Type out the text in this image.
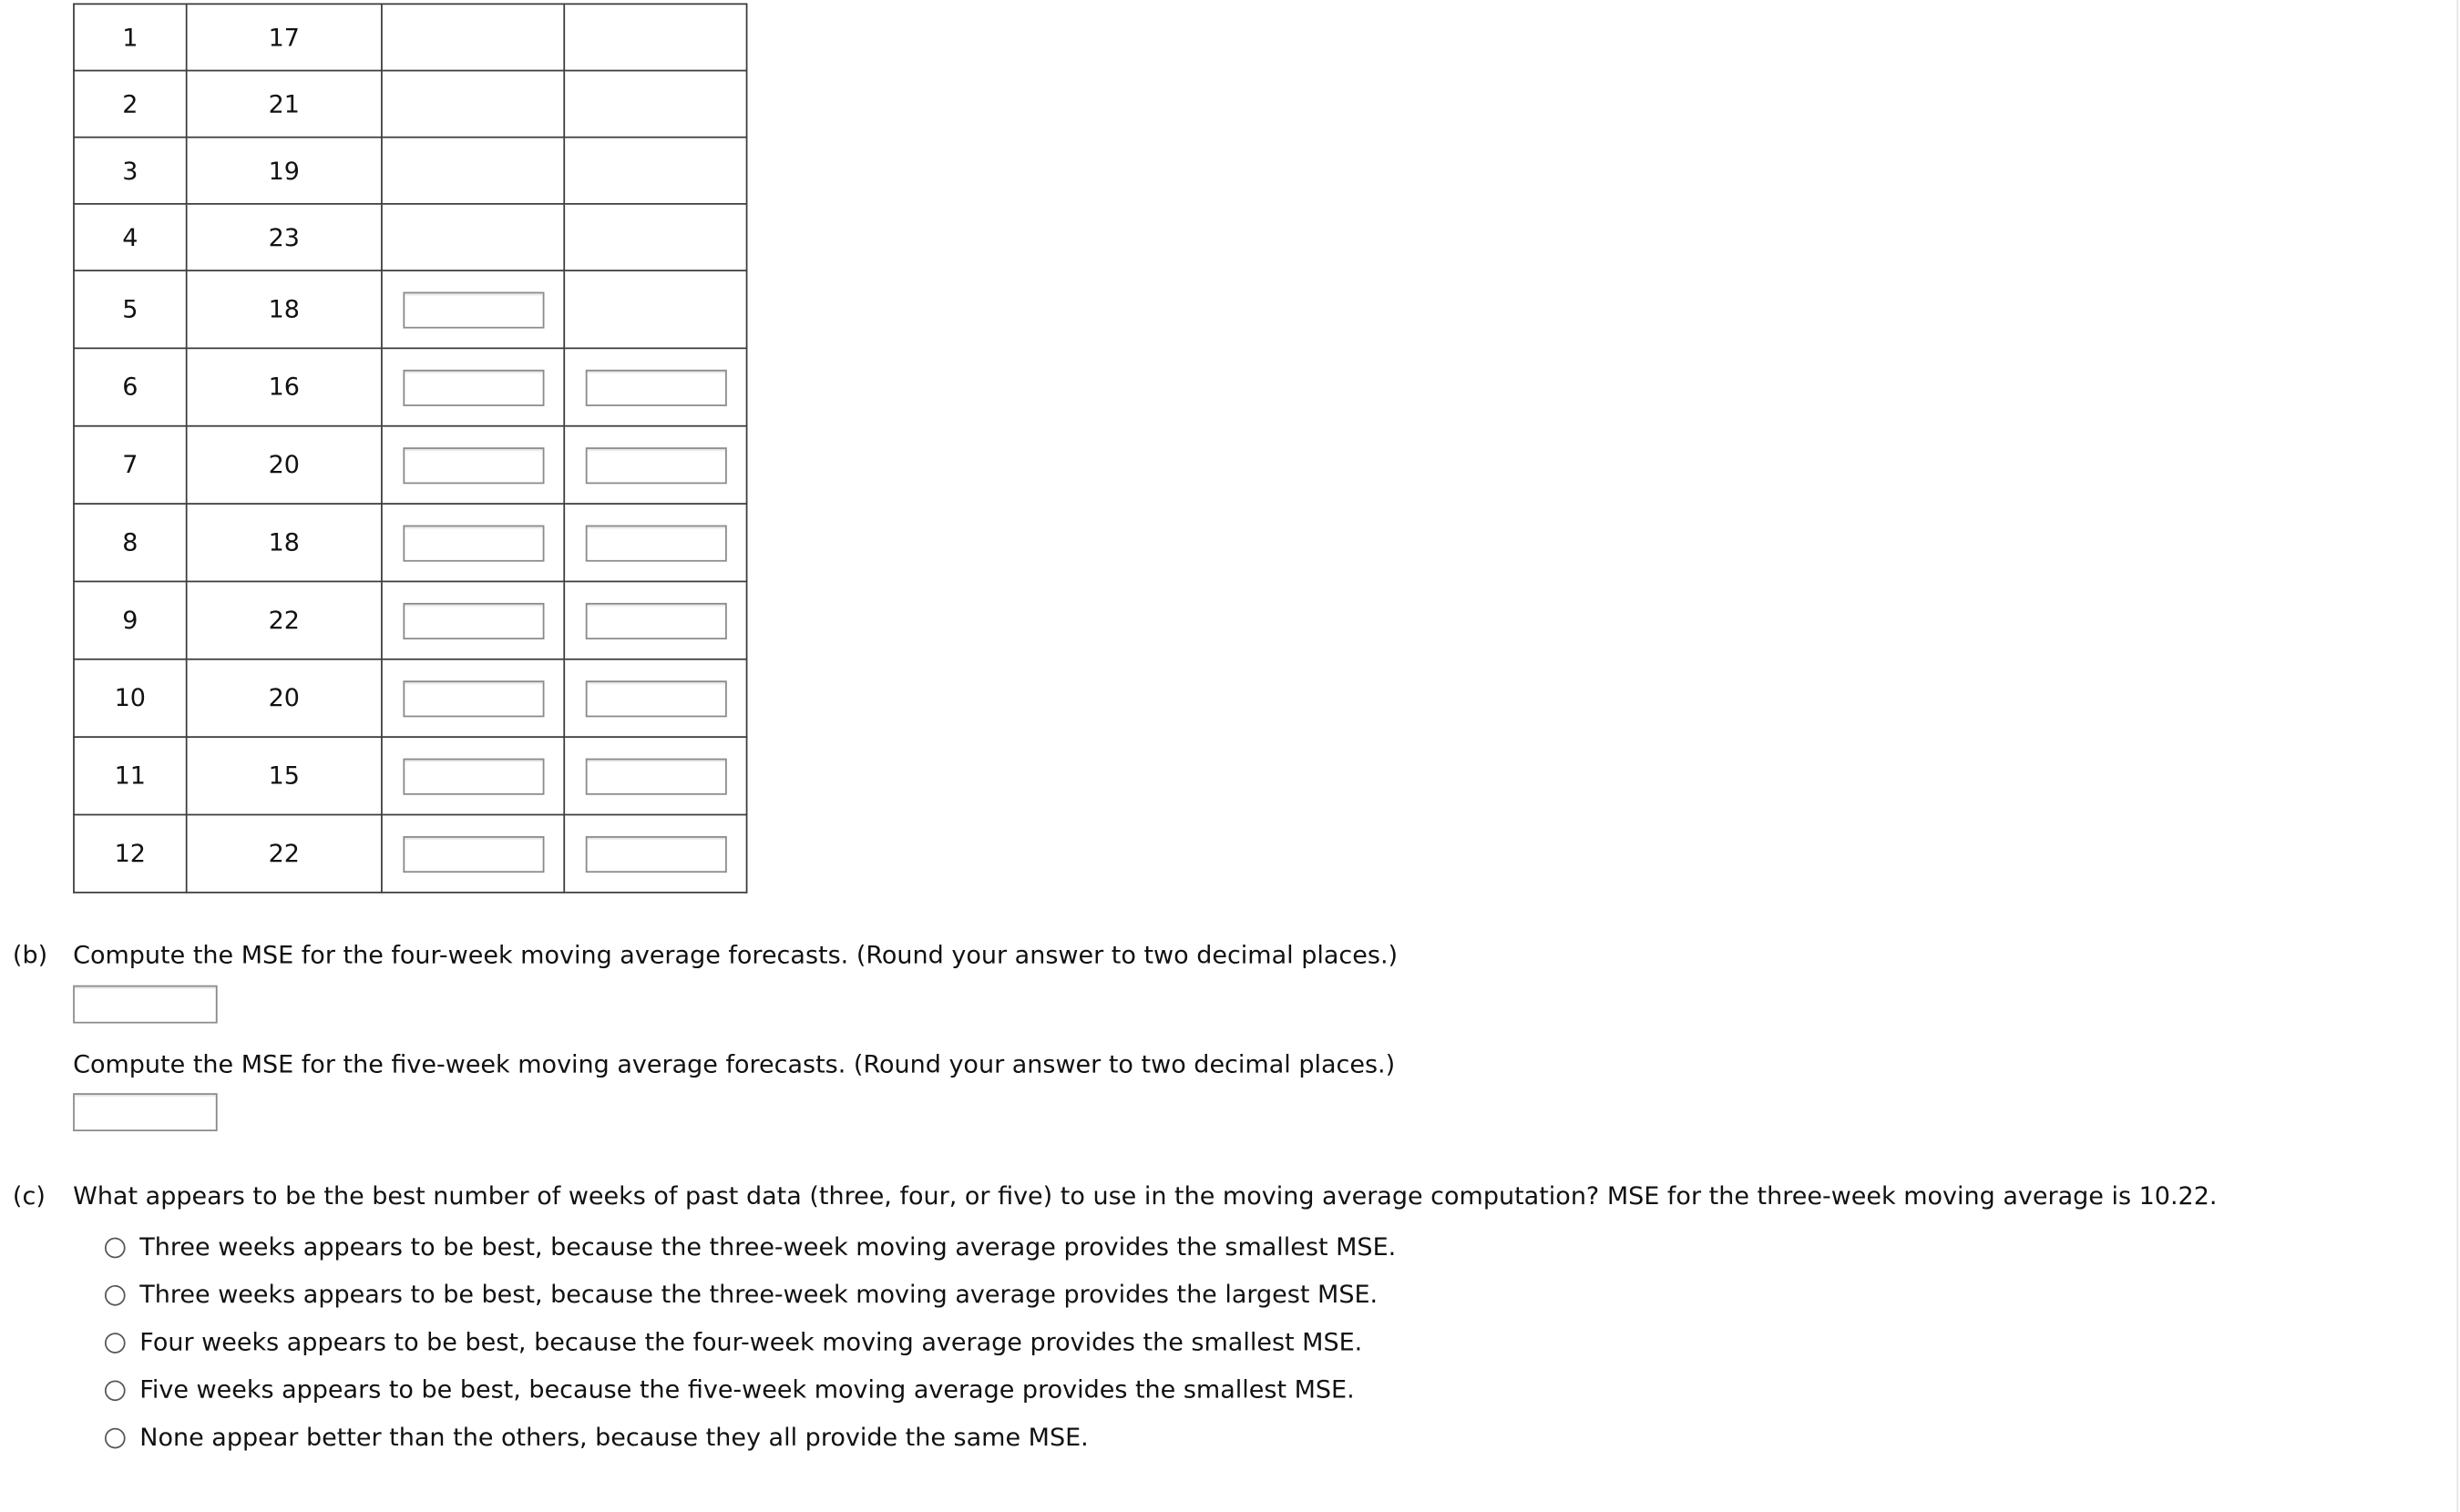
1	17		
2	21		
3	19		
4	23		
5	18		
6	16		
7	20		
8	18		
9	22		
10	20		
11	15		
12	22		
(b) Compute the MSE for the four-week moving average forecasts. (Round your answer to two decimal places.)
Compute the MSE for the five-week moving average forecasts. (Round your answer to two decimal places.)
(c) What appears to be the best number of weeks of past data (three, four, or five) to use in the moving average computation? MSE for the three-week moving average is 10.22.
Three weeks appears to be best, because the three-week moving average provides the smallest MSE.
Three weeks appears to be best, because the three-week moving average provides the largest MSE.
Four weeks appears to be best, because the four-week moving average provides the smallest MSE.
Five weeks appears to be best, because the five-week moving average provides the smallest MSE.
None appear better than the others, because they all provide the same MSE.
